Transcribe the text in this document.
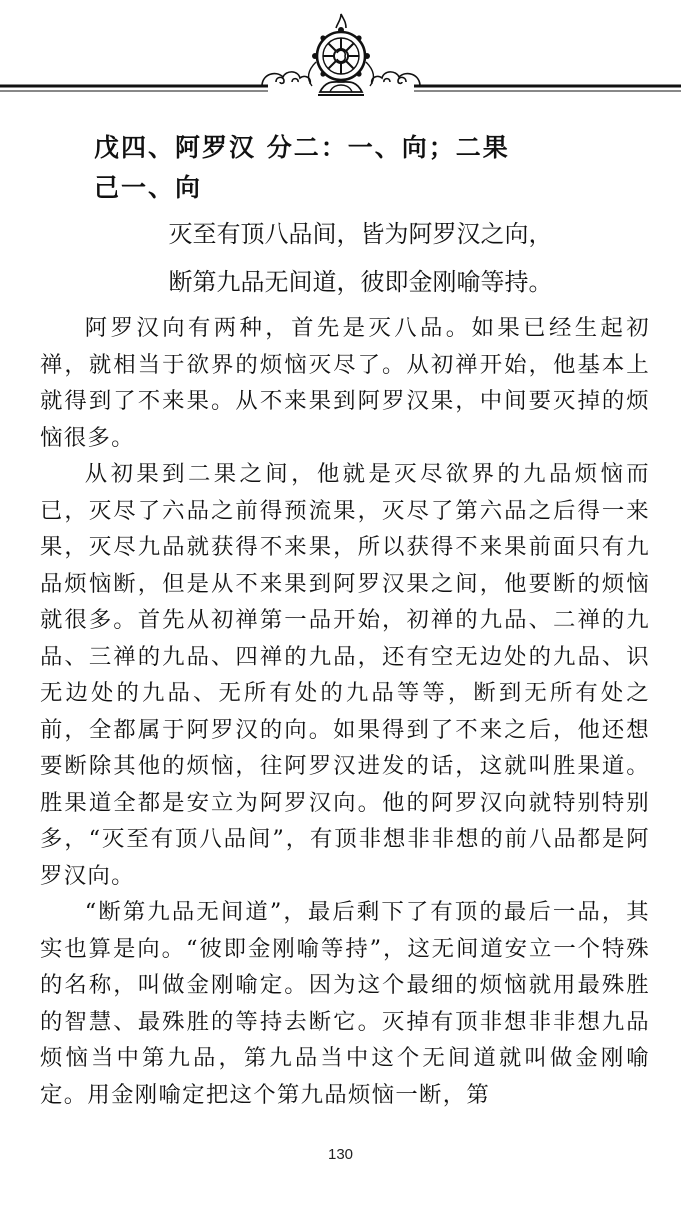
戊四、阿罗汉 分二：一、向；二果
己一、向
灭至有顶八品间，皆为阿罗汉之向，
断第九品无间道，彼即金刚喻等持。

阿罗汉向有两种，首先是灭八品。如果已经生起初禅，就相当于欲界的烦恼灭尽了。从初禅开始，他基本上就得到了不来果。从不来果到阿罗汉果，中间要灭掉的烦恼很多。

从初果到二果之间，他就是灭尽欲界的九品烦恼而已，灭尽了六品之前得预流果，灭尽了第六品之后得一来果，灭尽九品就获得不来果，所以获得不来果前面只有九品烦恼断，但是从不来果到阿罗汉果之间，他要断的烦恼就很多。首先从初禅第一品开始，初禅的九品、二禅的九品、三禅的九品、四禅的九品，还有空无边处的九品、识无边处的九品、无所有处的九品等等，断到无所有处之前，全都属于阿罗汉的向。如果得到了不来之后，他还想要断除其他的烦恼，往阿罗汉进发的话，这就叫胜果道。胜果道全都是安立为阿罗汉向。他的阿罗汉向就特别特别多，“灭至有顶八品间”，有顶非想非非想的前八品都是阿罗汉向。

“断第九品无间道”，最后剩下了有顶的最后一品，其实也算是向。“彼即金刚喻等持”，这无间道安立一个特殊的名称，叫做金刚喻定。因为这个最细的烦恼就用最殊胜的智慧、最殊胜的等持去断它。灭掉有顶非想非非想九品烦恼当中第九品，第九品当中这个无间道就叫做金刚喻定。用金刚喻定把这个第九品烦恼一断，第

130
